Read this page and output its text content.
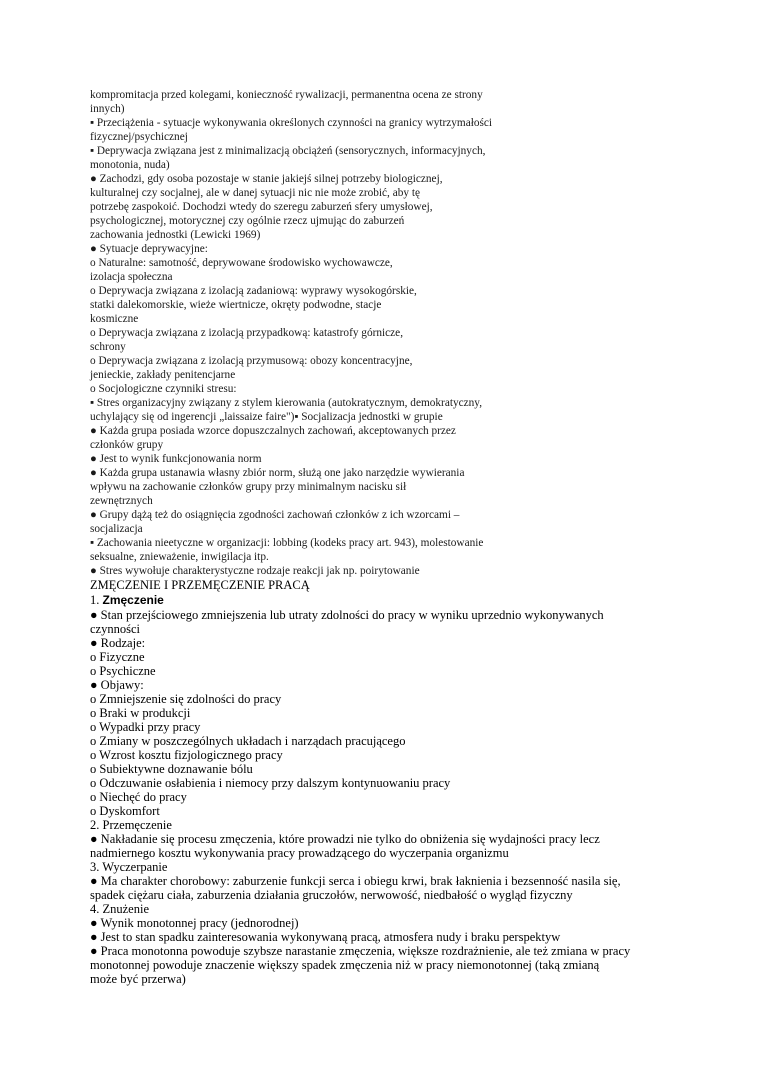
kompromitacja przed kolegami, konieczność rywalizacji, permanentna ocena ze strony
innych)
▪ Przeciążenia - sytuacje wykonywania określonych czynności na granicy wytrzymałości
fizycznej/psychicznej
▪ Deprywacja związana jest z minimalizacją obciążeń (sensorycznych, informacyjnych,
monotonia, nuda)
● Zachodzi, gdy osoba pozostaje w stanie jakiejś silnej potrzeby biologicznej,
kulturalnej czy socjalnej, ale w danej sytuacji nic nie może zrobić, aby tę
potrzebę zaspokoić. Dochodzi wtedy do szeregu zaburzeń sfery umysłowej,
psychologicznej, motorycznej czy ogólnie rzecz ujmując do zaburzeń
zachowania jednostki (Lewicki 1969)
● Sytuacje deprywacyjne:
o Naturalne: samotność, deprywowane środowisko wychowawcze,
izolacja społeczna
o Deprywacja związana z izolacją zadaniową: wyprawy wysokogórskie,
statki dalekomorskie, wieże wiertnicze, okręty podwodne, stacje
kosmiczne
o Deprywacja związana z izolacją przypadkową: katastrofy górnicze,
schrony
o Deprywacja związana z izolacją przymusową: obozy koncentracyjne,
jenieckie, zakłady penitencjarne
o Socjologiczne czynniki stresu:
▪ Stres organizacyjny związany z stylem kierowania (autokratycznym, demokratyczny,
uchylający się od ingerencji „laissaize faire")▪ Socjalizacja jednostki w grupie
● Każda grupa posiada wzorce dopuszczalnych zachowań, akceptowanych przez
członków grupy
● Jest to wynik funkcjonowania norm
● Każda grupa ustanawia własny zbiór norm, służą one jako narzędzie wywierania
wpływu na zachowanie członków grupy przy minimalnym nacisku sił
zewnętrznych
● Grupy dążą też do osiągnięcia zgodności zachowań członków z ich wzorcami –
socjalizacja
▪ Zachowania nieetyczne w organizacji: lobbing (kodeks pracy art. 943), molestowanie
seksualne, znieważenie, inwigilacja itp.
● Stres wywołuje charakterystyczne rodzaje reakcji jak np. poirytowanie
ZMĘCZENIE I PRZEMĘCZENIE PRACĄ
1. Zmęczenie
● Stan przejściowego zmniejszenia lub utraty zdolności do pracy w wyniku uprzednio wykonywanych
czynności
● Rodzaje:
o Fizyczne
o Psychiczne
● Objawy:
o Zmniejszenie się zdolności do pracy
o Braki w produkcji
o Wypadki przy pracy
o Zmiany w poszczególnych układach i narządach pracującego
o Wzrost kosztu fizjologicznego pracy
o Subiektywne doznawanie bólu
o Odczuwanie osłabienia i niemocy przy dalszym kontynuowaniu pracy
o Niechęć do pracy
o Dyskomfort
2. Przemęczenie
● Nakładanie się procesu zmęczenia, które prowadzi nie tylko do obniżenia się wydajności pracy lecz
nadmiernego kosztu wykonywania pracy prowadzącego do wyczerpania organizmu
3. Wyczerpanie
● Ma charakter chorobowy: zaburzenie funkcji serca i obiegu krwi, brak łaknienia i bezsenność nasila się,
spadek ciężaru ciała, zaburzenia działania gruczołów, nerwowość, niedbałość o wygląd fizyczny
4. Znużenie
● Wynik monotonnej pracy (jednorodnej)
● Jest to stan spadku zainteresowania wykonywaną pracą, atmosfera nudy i braku perspektyw
● Praca monotonna powoduje szybsze narastanie zmęczenia, większe rozdrażnienie, ale też zmiana w pracy
monotonnej powoduje znaczenie większy spadek zmęczenia niż w pracy niemonotonnej (taką zmianą
może być przerwa)
